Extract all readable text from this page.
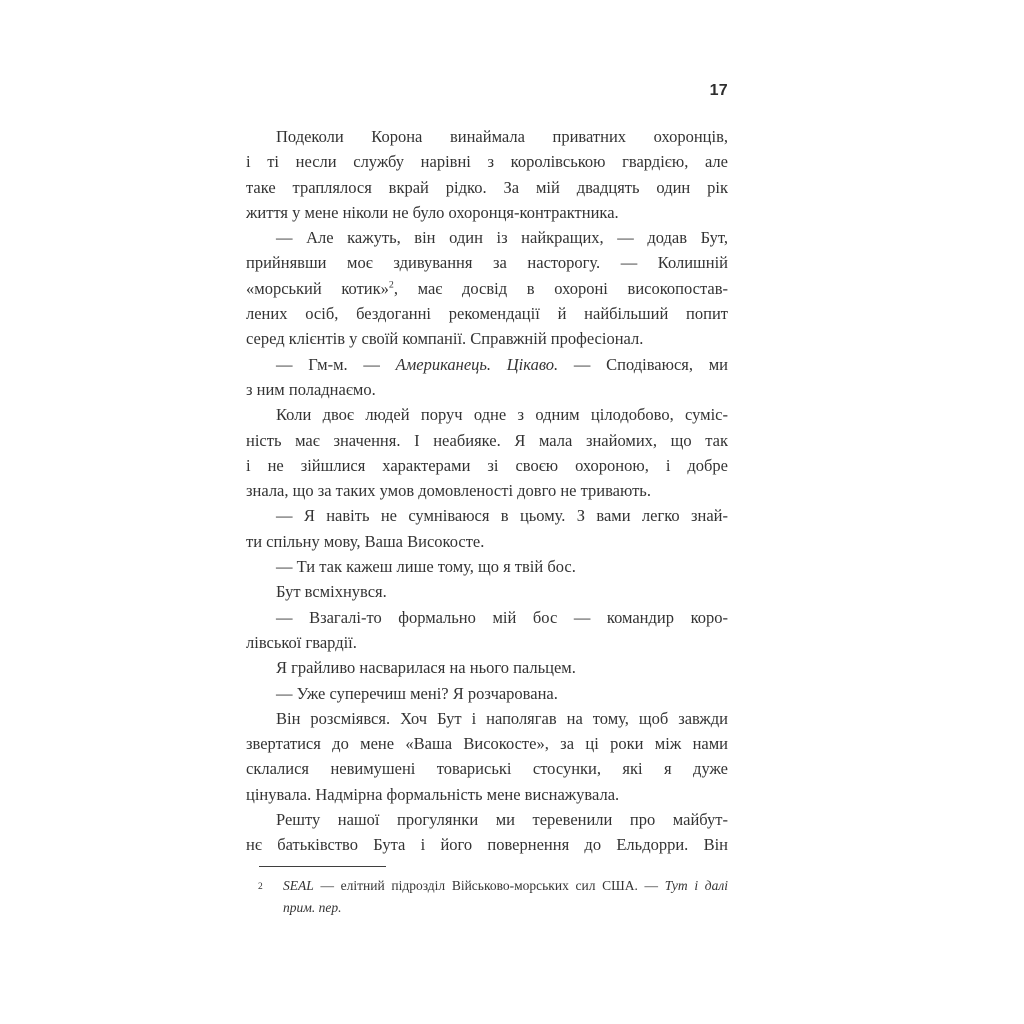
17
Подеколи Корона винаймала приватних охоронців,
і ті несли службу нарівні з королівською гвардією, але
таке траплялося вкрай рідко. За мій двадцять один рік
життя у мене ніколи не було охоронця-контрактника.
— Але кажуть, він один із найкращих, — додав Бут,
прийнявши моє здивування за насторогу. — Колишній
«морський котик»$^2$, має досвід в охороні високопостав-
лених осіб, бездоганні рекомендації й найбільший попит
серед клієнтів у своїй компанії. Справжній професіонал.
— Гм-м. — Американець. Цікаво. — Сподіваюся, ми
з ним поладнаємо.
Коли двоє людей поруч одне з одним цілодобово, суміс-
ність має значення. І неабияке. Я мала знайомих, що так
і не зійшлися характерами зі своєю охороною, і добре
знала, що за таких умов домовленості довго не тривають.
— Я навіть не сумніваюся в цьому. З вами легко знай-
ти спільну мову, Ваша Високосте.
— Ти так кажеш лише тому, що я твій бос.
Бут всміхнувся.
— Взагалі-то формально мій бос — командир коро-
лівської гвардії.
Я грайливо насварилася на нього пальцем.
— Уже суперечиш мені? Я розчарована.
Він розсміявся. Хоч Бут і наполягав на тому, щоб завжди
звертатися до мене «Ваша Високосте», за ці роки між нами
склалися невимушені товариські стосунки, які я дуже
цінувала. Надмірна формальність мене виснажувала.
Решту нашої прогулянки ми теревенили про майбут-
нє батьківство Бута і його повернення до Ельдорри. Він
2	SEAL — елітний підрозділ Військово-морських сил США. — Тут і далі
прим. пер.
